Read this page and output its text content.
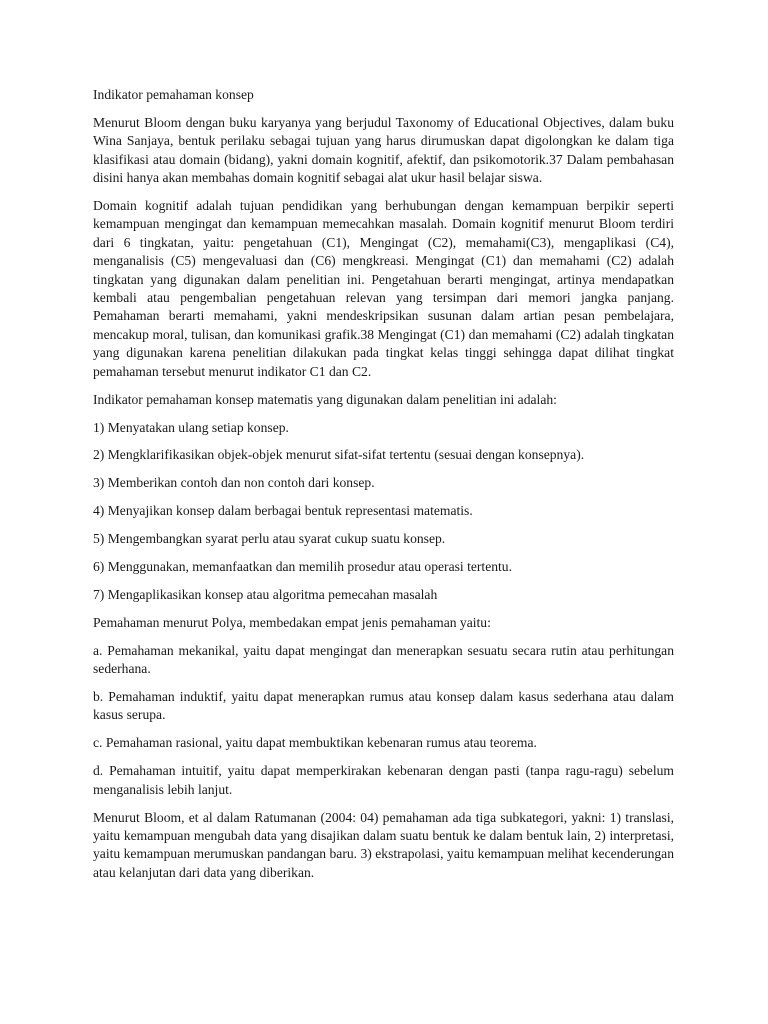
Indikator pemahaman konsep

Menurut Bloom dengan buku karyanya yang berjudul Taxonomy of Educational Objectives, dalam buku Wina Sanjaya, bentuk perilaku sebagai tujuan yang harus dirumuskan dapat digolongkan ke dalam tiga klasifikasi atau domain (bidang), yakni domain kognitif, afektif, dan psikomotorik.37 Dalam pembahasan disini hanya akan membahas domain kognitif sebagai alat ukur hasil belajar siswa.

Domain kognitif adalah tujuan pendidikan yang berhubungan dengan kemampuan berpikir seperti kemampuan mengingat dan kemampuan memecahkan masalah. Domain kognitif menurut Bloom terdiri dari 6 tingkatan, yaitu: pengetahuan (C1), Mengingat (C2), memahami(C3), mengaplikasi (C4), menganalisis (C5) mengevaluasi dan (C6) mengkreasi. Mengingat (C1) dan memahami (C2) adalah tingkatan yang digunakan dalam penelitian ini. Pengetahuan berarti mengingat, artinya mendapatkan kembali atau pengembalian pengetahuan relevan yang tersimpan dari memori jangka panjang. Pemahaman berarti memahami, yakni mendeskripsikan susunan dalam artian pesan pembelajara, mencakup moral, tulisan, dan komunikasi grafik.38 Mengingat (C1) dan memahami (C2) adalah tingkatan yang digunakan karena penelitian dilakukan pada tingkat kelas tinggi sehingga dapat dilihat tingkat pemahaman tersebut menurut indikator C1 dan C2.

Indikator pemahaman konsep matematis yang digunakan dalam penelitian ini adalah:

1) Menyatakan ulang setiap konsep.

2) Mengklarifikasikan objek-objek menurut sifat-sifat tertentu (sesuai dengan konsepnya).

3) Memberikan contoh dan non contoh dari konsep.

4) Menyajikan konsep dalam berbagai bentuk representasi matematis.

5) Mengembangkan syarat perlu atau syarat cukup suatu konsep.

6) Menggunakan, memanfaatkan dan memilih prosedur atau operasi tertentu.

7) Mengaplikasikan konsep atau algoritma pemecahan masalah

Pemahaman menurut Polya, membedakan empat jenis pemahaman yaitu:

a. Pemahaman mekanikal, yaitu dapat mengingat dan menerapkan sesuatu secara rutin atau perhitungan sederhana.

b. Pemahaman induktif, yaitu dapat menerapkan rumus atau konsep dalam kasus sederhana atau dalam kasus serupa.

c. Pemahaman rasional, yaitu dapat membuktikan kebenaran rumus atau teorema.

d. Pemahaman intuitif, yaitu dapat memperkirakan kebenaran dengan pasti (tanpa ragu-ragu) sebelum menganalisis lebih lanjut.

Menurut Bloom, et al dalam Ratumanan (2004: 04) pemahaman ada tiga subkategori, yakni: 1) translasi, yaitu kemampuan mengubah data yang disajikan dalam suatu bentuk ke dalam bentuk lain, 2) interpretasi, yaitu kemampuan merumuskan pandangan baru. 3) ekstrapolasi, yaitu kemampuan melihat kecenderungan atau kelanjutan dari data yang diberikan.
